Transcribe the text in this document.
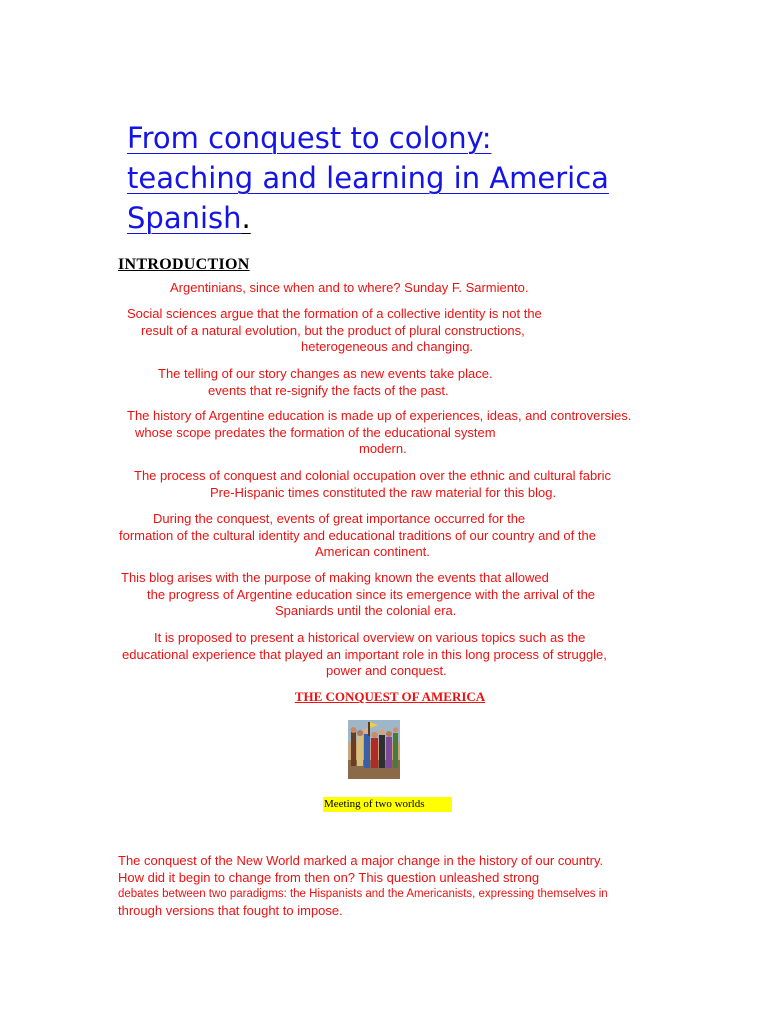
From conquest to colony:
teaching and learning in America
Spanish.
INTRODUCTION
Argentinians, since when and to where? Sunday F. Sarmiento.
Social sciences argue that the formation of a collective identity is not the
result of a natural evolution, but the product of plural constructions,
heterogeneous and changing.
The telling of our story changes as new events take place.
events that re-signify the facts of the past.
The history of Argentine education is made up of experiences, ideas, and controversies.
whose scope predates the formation of the educational system
modern.
The process of conquest and colonial occupation over the ethnic and cultural fabric
Pre-Hispanic times constituted the raw material for this blog.
During the conquest, events of great importance occurred for the
formation of the cultural identity and educational traditions of our country and of the
American continent.
This blog arises with the purpose of making known the events that allowed
the progress of Argentine education since its emergence with the arrival of the
Spaniards until the colonial era.
It is proposed to present a historical overview on various topics such as the
educational experience that played an important role in this long process of struggle,
power and conquest.
THE CONQUEST OF AMERICA
Meeting of two worlds
The conquest of the New World marked a major change in the history of our country.
How did it begin to change from then on? This question unleashed strong
debates between two paradigms: the Hispanists and the Americanists, expressing themselves in
through versions that fought to impose.
